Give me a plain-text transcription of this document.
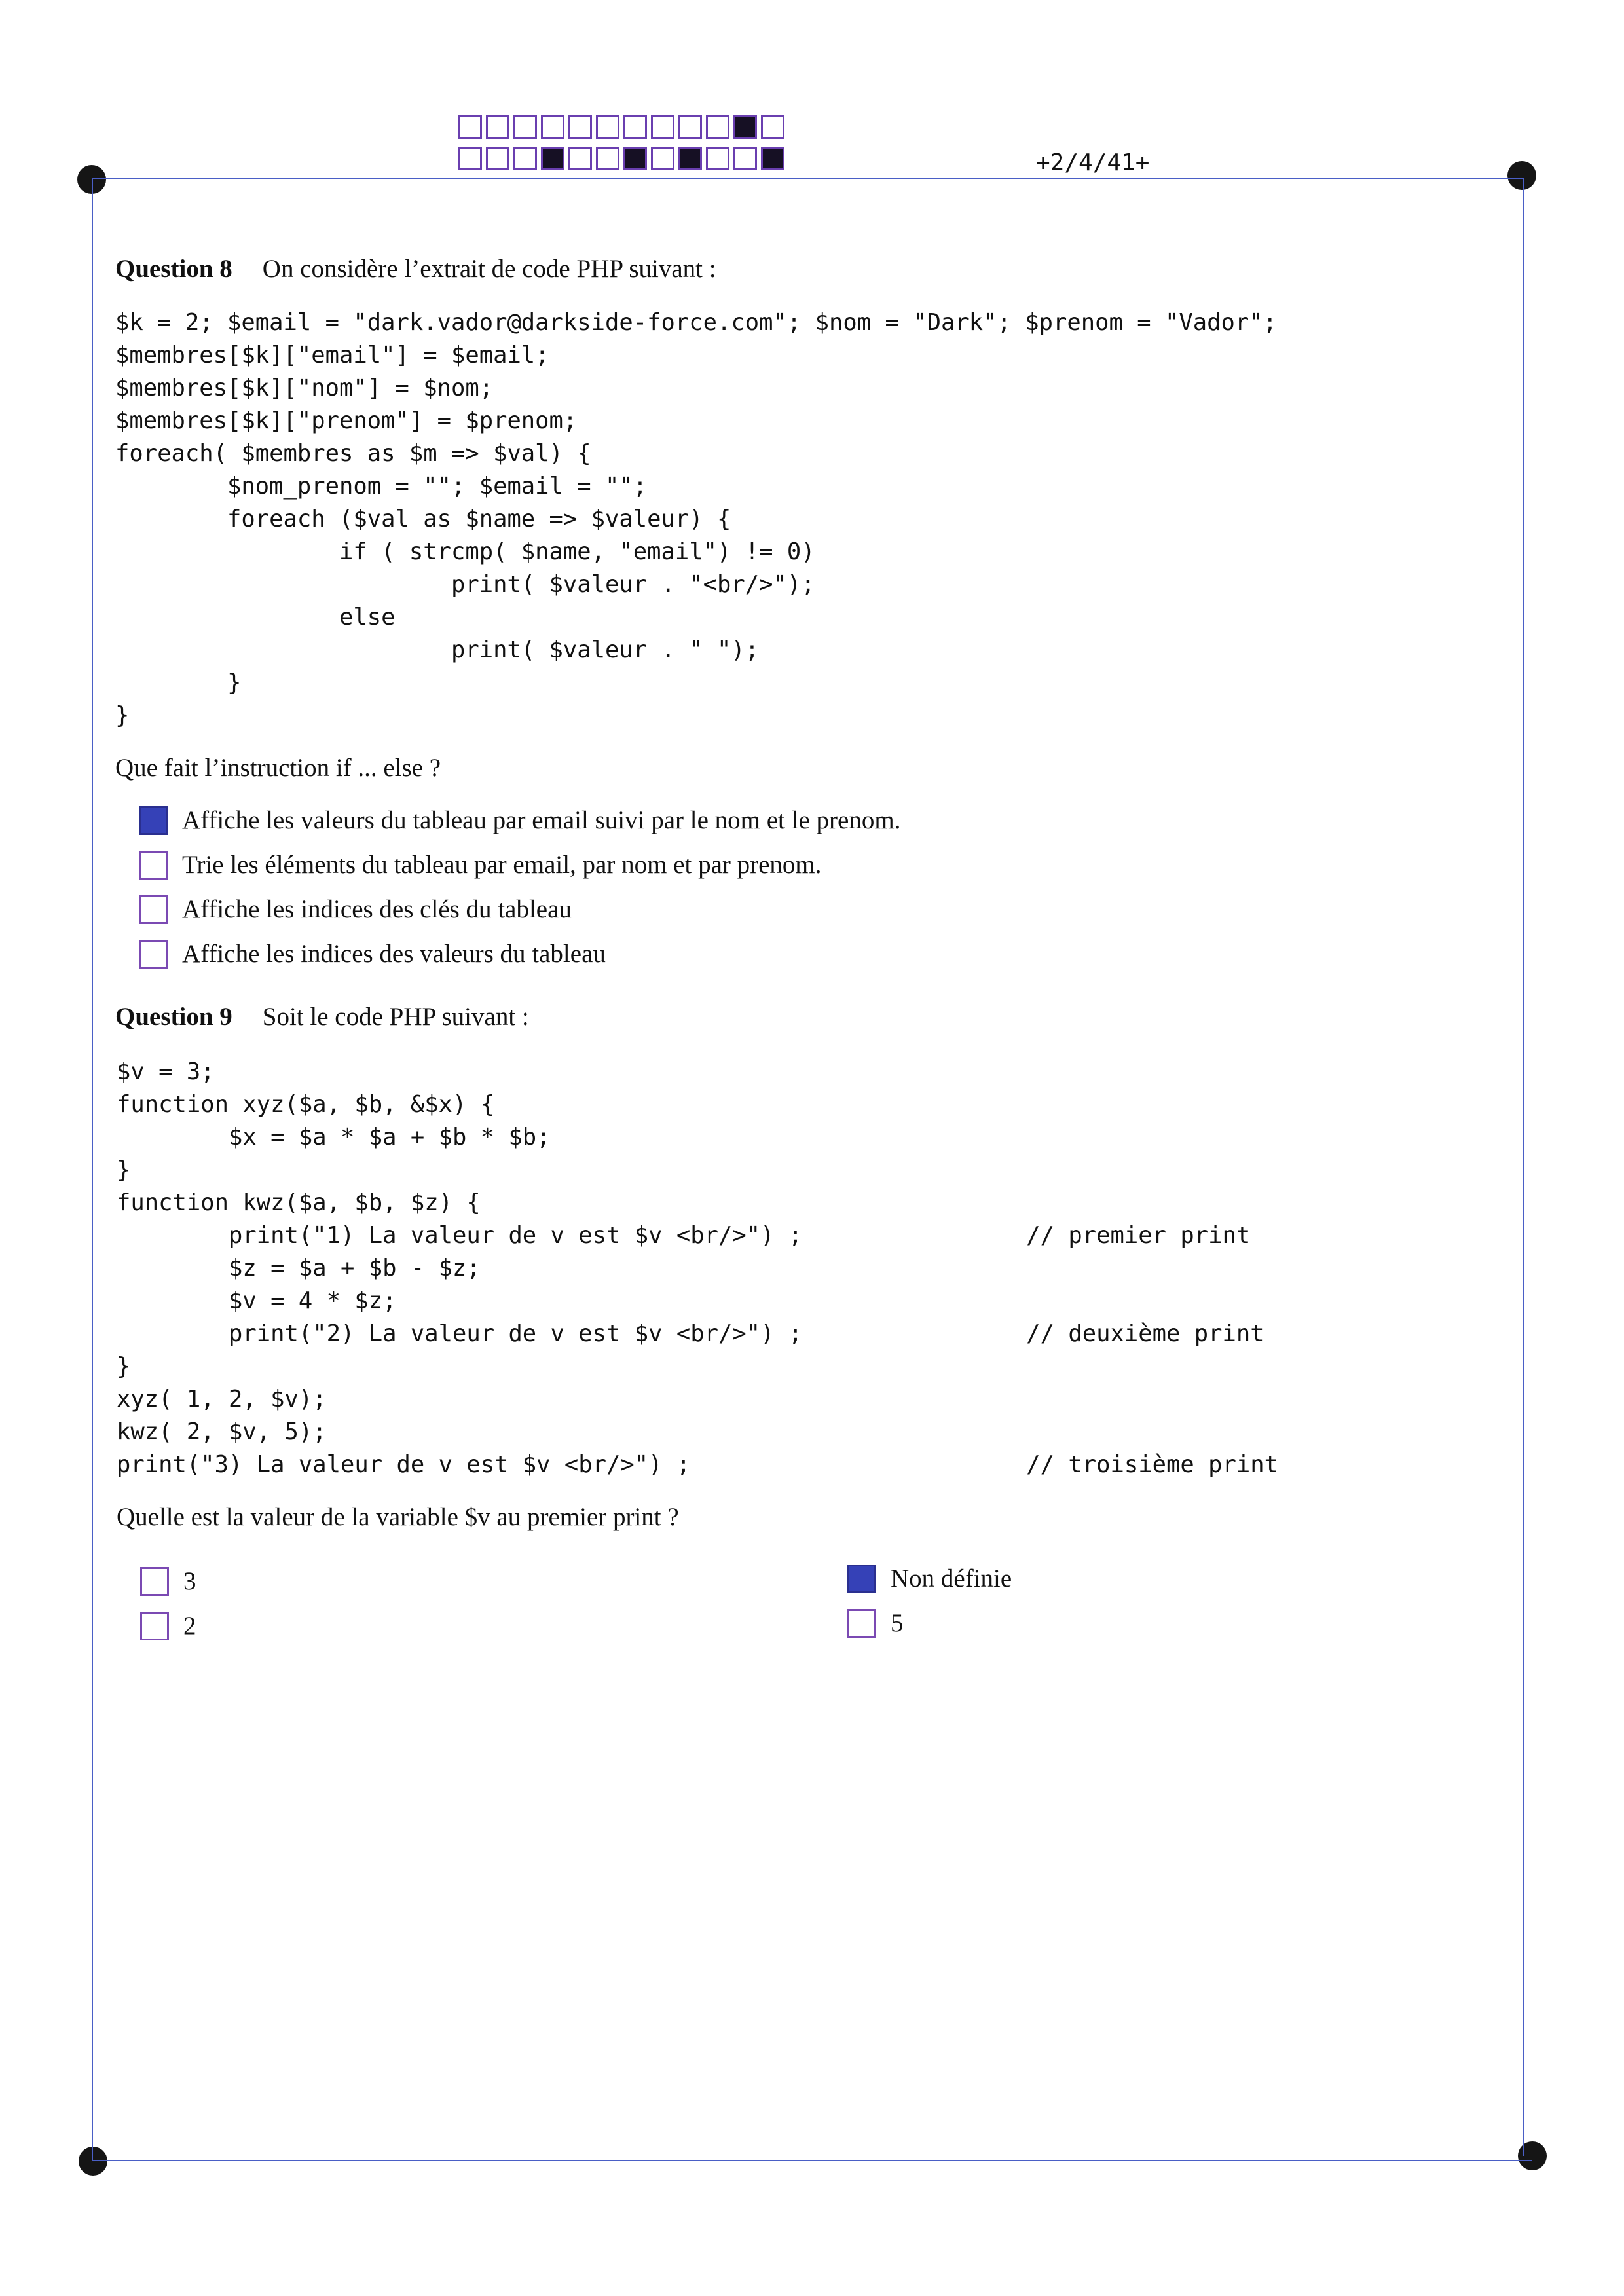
+2/4/41+
Question 8 On considère l’extrait de code PHP suivant :
$k = 2; $email = "dark.vador@darkside-force.com"; $nom = "Dark"; $prenom = "Vador";
$membres[$k]["email"] = $email;
$membres[$k]["nom"] = $nom;
$membres[$k]["prenom"] = $prenom;
foreach( $membres as $m => $val) {
$nom_prenom = ""; $email = "";
foreach ($val as $name => $valeur) {
if ( strcmp( $name, "email") != 0)
print( $valeur . "<br/>");
else
print( $valeur . " ");
}
}
Que fait l’instruction if ... else ?
Affiche les valeurs du tableau par email suivi par le nom et le prenom.
Trie les éléments du tableau par email, par nom et par prenom.
Affiche les indices des clés du tableau
Affiche les indices des valeurs du tableau
Question 9 Soit le code PHP suivant :
$v = 3;
function xyz($a, $b, &$x) {
$x = $a * $a + $b * $b;
}
function kwz($a, $b, $z) {
print("1) La valeur de v est $v <br/>") ;                // premier print
$z = $a + $b - $z;
$v = 4 * $z;
print("2) La valeur de v est $v <br/>") ;                // deuxième print
}
xyz( 1, 2, $v);
kwz( 2, $v, 5);
print("3) La valeur de v est $v <br/>") ;                        // troisième print
Quelle est la valeur de la variable $v au premier print ?
3
2
Non définie
5
